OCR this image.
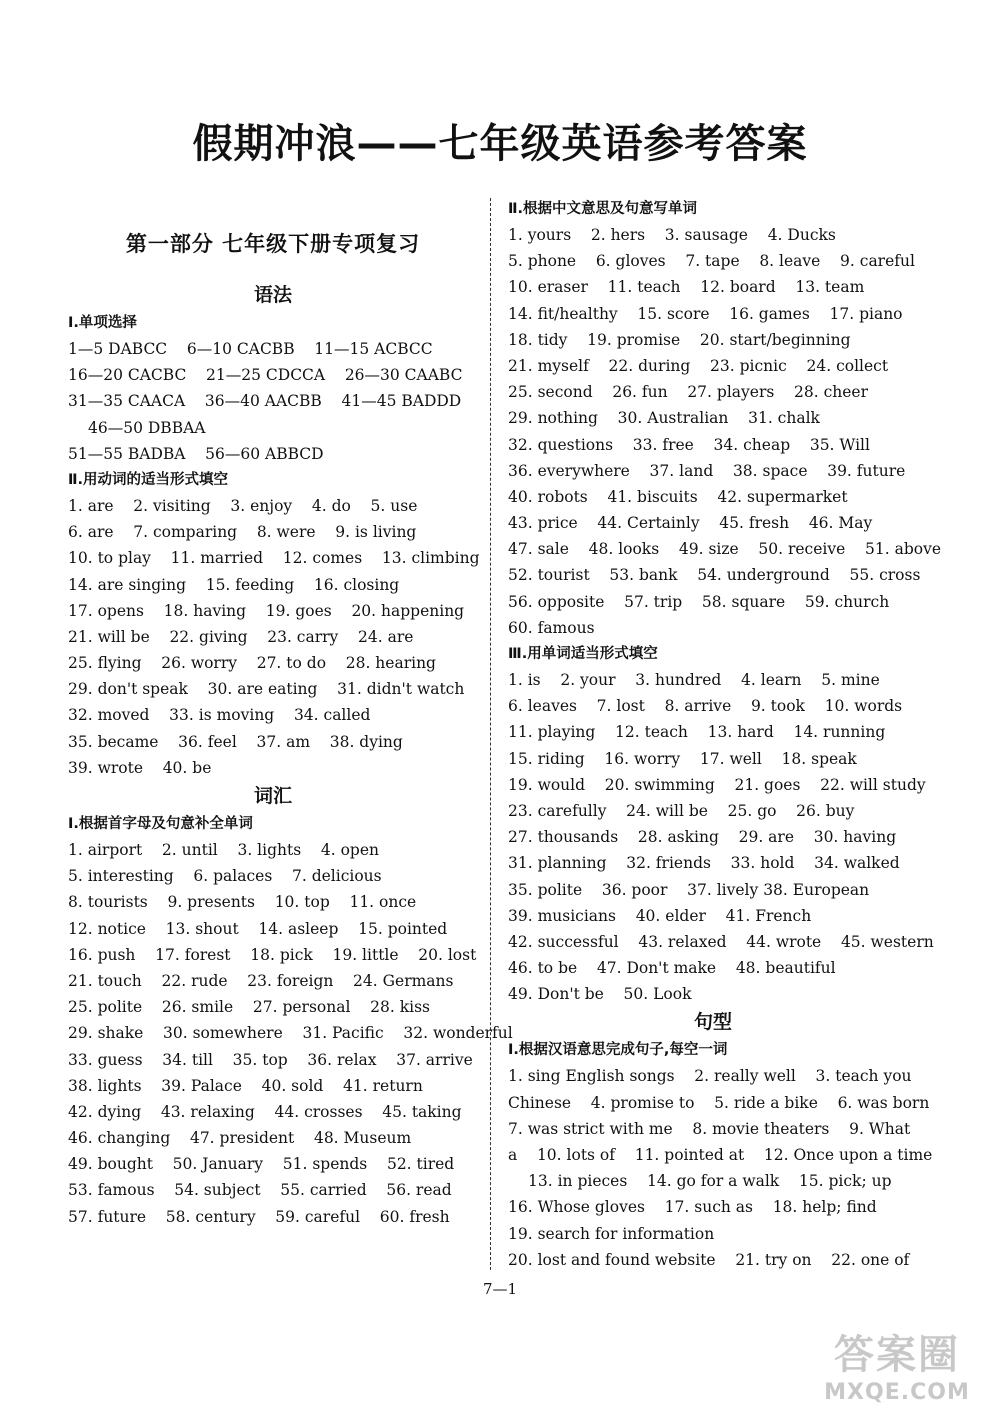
假期冲浪——七年级英语参考答案
第一部分 七年级下册专项复习
语法
Ⅰ.单项选择
1—5 DABCC    6—10 CACBB    11—15 ACBCC
16—20 CACBC    21—25 CDCCA    26—30 CAABC
31—35 CAACA    36—40 AACBB    41—45 BADDD
46—50 DBBAA
51—55 BADBA    56—60 ABBCD
Ⅱ.用动词的适当形式填空
1. are    2. visiting    3. enjoy    4. do    5. use
6. are    7. comparing    8. were    9. is living
10. to play    11. married    12. comes    13. climbing
14. are singing    15. feeding    16. closing
17. opens    18. having    19. goes    20. happening
21. will be    22. giving    23. carry    24. are
25. flying    26. worry    27. to do    28. hearing
29. don't speak    30. are eating    31. didn't watch
32. moved    33. is moving    34. called
35. became    36. feel    37. am    38. dying
39. wrote    40. be
词汇
Ⅰ.根据首字母及句意补全单词
1. airport    2. until    3. lights    4. open
5. interesting    6. palaces    7. delicious
8. tourists    9. presents    10. top    11. once
12. notice    13. shout    14. asleep    15. pointed
16. push    17. forest    18. pick    19. little    20. lost
21. touch    22. rude    23. foreign    24. Germans
25. polite    26. smile    27. personal    28. kiss
29. shake    30. somewhere    31. Pacific    32. wonderful
33. guess    34. till    35. top    36. relax    37. arrive
38. lights    39. Palace    40. sold    41. return
42. dying    43. relaxing    44. crosses    45. taking
46. changing    47. president    48. Museum
49. bought    50. January    51. spends    52. tired
53. famous    54. subject    55. carried    56. read
57. future    58. century    59. careful    60. fresh
Ⅱ.根据中文意思及句意写单词
1. yours    2. hers    3. sausage    4. Ducks
5. phone    6. gloves    7. tape    8. leave    9. careful
10. eraser    11. teach    12. board    13. team
14. fit/healthy    15. score    16. games    17. piano
18. tidy    19. promise    20. start/beginning
21. myself    22. during    23. picnic    24. collect
25. second    26. fun    27. players    28. cheer
29. nothing    30. Australian    31. chalk
32. questions    33. free    34. cheap    35. Will
36. everywhere    37. land    38. space    39. future
40. robots    41. biscuits    42. supermarket
43. price    44. Certainly    45. fresh    46. May
47. sale    48. looks    49. size    50. receive    51. above
52. tourist    53. bank    54. underground    55. cross
56. opposite    57. trip    58. square    59. church
60. famous
Ⅲ.用单词适当形式填空
1. is    2. your    3. hundred    4. learn    5. mine
6. leaves    7. lost    8. arrive    9. took    10. words
11. playing    12. teach    13. hard    14. running
15. riding    16. worry    17. well    18. speak
19. would    20. swimming    21. goes    22. will study
23. carefully    24. will be    25. go    26. buy
27. thousands    28. asking    29. are    30. having
31. planning    32. friends    33. hold    34. walked
35. polite    36. poor    37. lively 38. European
39. musicians    40. elder    41. French
42. successful    43. relaxed    44. wrote    45. western
46. to be    47. Don't make    48. beautiful
49. Don't be    50. Look
句型
Ⅰ.根据汉语意思完成句子,每空一词
1. sing English songs    2. really well    3. teach you
Chinese    4. promise to    5. ride a bike    6. was born
7. was strict with me    8. movie theaters    9. What
a    10. lots of    11. pointed at    12. Once upon a time
13. in pieces    14. go for a walk    15. pick; up
16. Whose gloves    17. such as    18. help; find
19. search for information
20. lost and found website    21. try on    22. one of
7—1
答案圈
MXQE.COM
